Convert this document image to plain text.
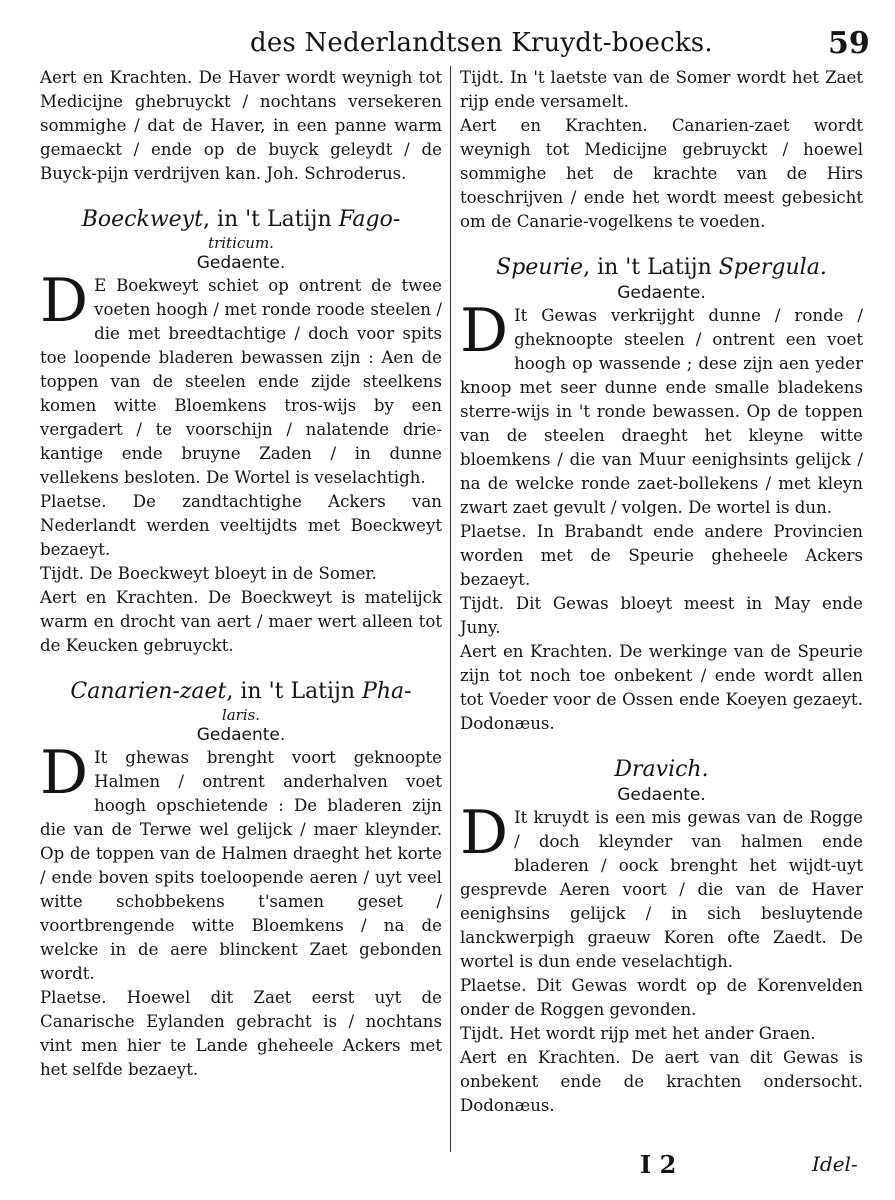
des Nederlandtsen Kruydt-boecks.	59

Aert en Krachten. De Haver wordt weynigh tot Medicijne ghebruyckt / nochtans versekeren sommighe / dat de Haver, in een panne warm gemaeckt / ende op de buyck geleydt / de Buyck-pijn verdrijven kan. Joh. Schroderus.

Boeckweyt, in 't Latijn Fago-

triticum.

Gedaente.

D E Boekweyt schiet op ontrent de twee voeten hoogh / met ronde roode steelen / die met breedtachtige / doch voor spits toe loopende bladeren bewassen zijn : Aen de toppen van de steelen ende zijde steelkens komen witte Bloemkens tros-wijs by een vergadert / te voorschijn / nalatende drie-kantige ende bruyne Zaden / in dunne vellekens besloten. De Wortel is veselachtigh.

Plaetse. De zandtachtighe Ackers van Nederlandt werden veeltijdts met Boeckweyt bezaeyt.

Tijdt. De Boeckweyt bloeyt in de Somer.

Aert en Krachten. De Boeckweyt is matelijck warm en drocht van aert / maer wert alleen tot de Keucken gebruyckt.

Canarien-zaet, in 't Latijn Pha-

laris.

Gedaente.

D It ghewas brenght voort geknoopte Halmen / ontrent anderhalven voet hoogh opschietende : De bladeren zijn die van de Terwe wel gelijck / maer kleynder. Op de toppen van de Halmen draeght het korte / ende boven spits toeloopende aeren / uyt veel witte schobbekens t'samen geset / voortbrengende witte Bloemkens / na de welcke in de aere blinckent Zaet gebonden wordt.

Plaetse. Hoewel dit Zaet eerst uyt de Canarische Eylanden gebracht is / nochtans vint men hier te Lande gheheele Ackers met het selfde bezaeyt.

Tijdt. In 't laetste van de Somer wordt het Zaet rijp ende versamelt.

Aert en Krachten. Canarien-zaet wordt weynigh tot Medicijne gebruyckt / hoewel sommighe het de krachte van de Hirs toeschrijven / ende het wordt meest gebesicht om de Canarie-vogelkens te voeden.

Speurie, in 't Latijn Spergula.

Gedaente.

D It Gewas verkrijght dunne / ronde / gheknoopte steelen / ontrent een voet hoogh op wassende ; dese zijn aen yeder knoop met seer dunne ende smalle bladekens sterre-wijs in 't ronde bewassen. Op de toppen van de steelen draeght het kleyne witte bloemkens / die van Muur eenighsints gelijck / na de welcke ronde zaet-bollekens / met kleyn zwart zaet gevult / volgen. De wortel is dun.

Plaetse. In Brabandt ende andere Provincien worden met de Speurie gheheele Ackers bezaeyt.

Tijdt. Dit Gewas bloeyt meest in May ende Juny.

Aert en Krachten. De werkinge van de Speurie zijn tot noch toe onbekent / ende wordt allen tot Voeder voor de Ossen ende Koeyen gezaeyt. Dodonæus.

Dravich.

Gedaente.

D It kruydt is een mis gewas van de Rogge / doch kleynder van halmen ende bladeren / oock brenght het wijdt-uyt gesprevde Aeren voort / die van de Haver eenighsins gelijck / in sich besluytende lanckwerpigh graeuw Koren ofte Zaedt. De wortel is dun ende veselachtigh.

Plaetse. Dit Gewas wordt op de Korenvelden onder de Roggen gevonden.

Tijdt. Het wordt rijp met het ander Graen.

Aert en Krachten. De aert van dit Gewas is onbekent ende de krachten ondersocht. Dodonæus.

I 2	Idel-
